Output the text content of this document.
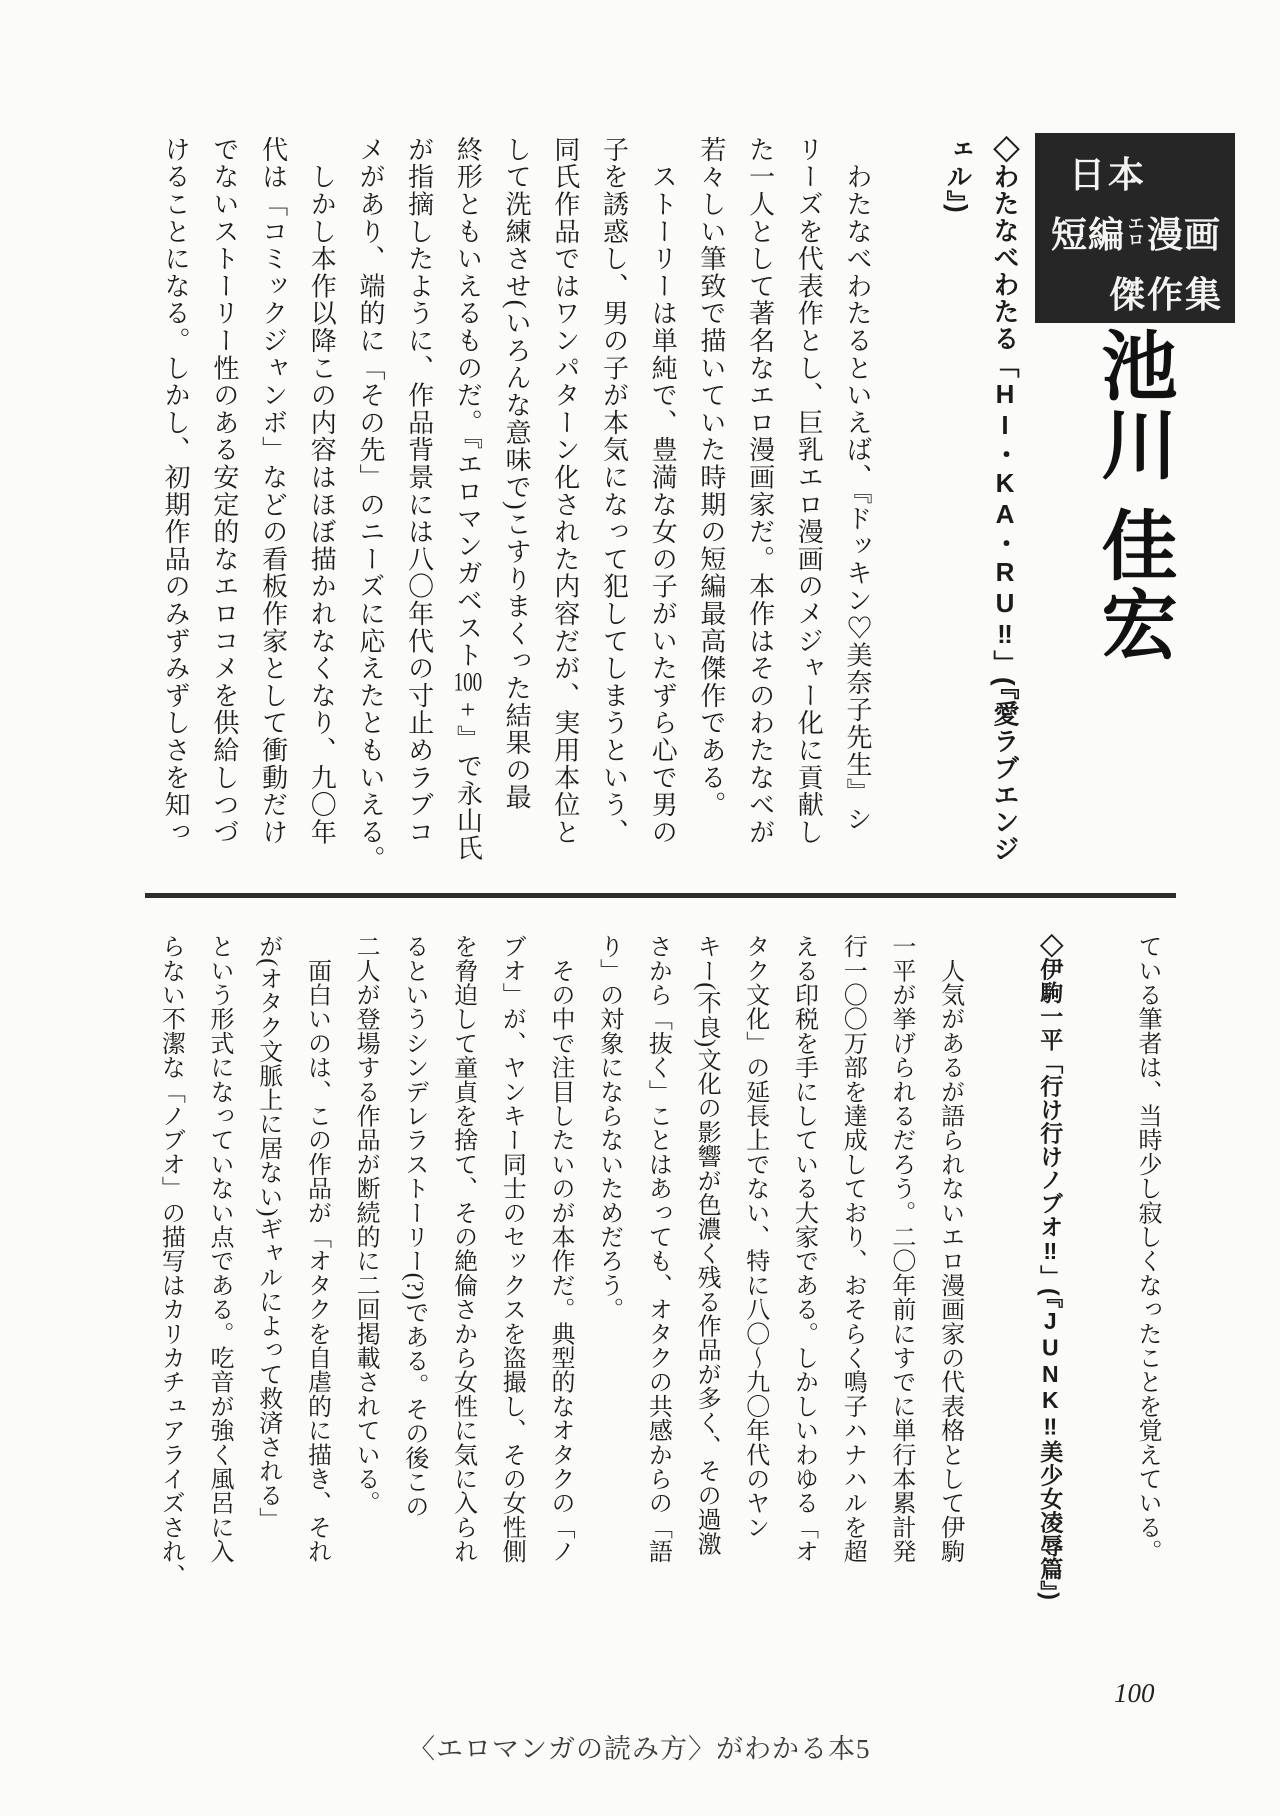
日本
短編 エ
ロ 漫画
傑作集
池川 佳宏
◇わたなべわたる「HI・KA・RU‼」(『愛ラブエンジ
ェル』)
　わたなべわたるといえば、『ドッキン♡美奈子先生』シ
リーズを代表作とし、巨乳エロ漫画のメジャー化に貢献し
た一人として著名なエロ漫画家だ。本作はそのわたなべが
若々しい筆致で描いていた時期の短編最高傑作である。
　ストーリーは単純で、豊満な女の子がいたずら心で男の
子を誘惑し、男の子が本気になって犯してしまうという、
同氏作品ではワンパターン化された内容だが、実用本位と
して洗練させ(いろんな意味で)こすりまくった結果の最
終形ともいえるものだ。『エロマンガベスト100+』で永山氏
が指摘したように、作品背景には八〇年代の寸止めラブコ
メがあり、端的に「その先」のニーズに応えたともいえる。
　しかし本作以降この内容はほぼ描かれなくなり、九〇年
代は「コミックジャンボ」などの看板作家として衝動だけ
でないストーリー性のある安定的なエロコメを供給しつづ
けることになる。しかし、初期作品のみずみずしさを知っ
ている筆者は、当時少し寂しくなったことを覚えている。
◇伊駒一平「行け行けノブオ‼」(『JUNK‼美少女凌辱篇』)
　人気があるが語られないエロ漫画家の代表格として伊駒
一平が挙げられるだろう。二〇年前にすでに単行本累計発
行一〇〇万部を達成しており、おそらく鳴子ハナハルを超
える印税を手にしている大家である。しかしいわゆる「オ
タク文化」の延長上でない、特に八〇〜九〇年代のヤン
キー(不良)文化の影響が色濃く残る作品が多く、その過激
さから「抜く」ことはあっても、オタクの共感からの「語
り」の対象にならないためだろう。
　その中で注目したいのが本作だ。典型的なオタクの「ノ
ブオ」が、ヤンキー同士のセックスを盗撮し、その女性側
を脅迫して童貞を捨て、その絶倫さから女性に気に入られ
るというシンデレラストーリー(?)である。その後この
二人が登場する作品が断続的に二回掲載されている。
　面白いのは、この作品が「オタクを自虐的に描き、それ
が(オタク文脈上に居ない)ギャルによって救済される」
という形式になっていない点である。吃音が強く風呂に入
らない不潔な「ノブオ」の描写はカリカチュアライズされ、
100
〈エロマンガの読み方〉がわかる本5
